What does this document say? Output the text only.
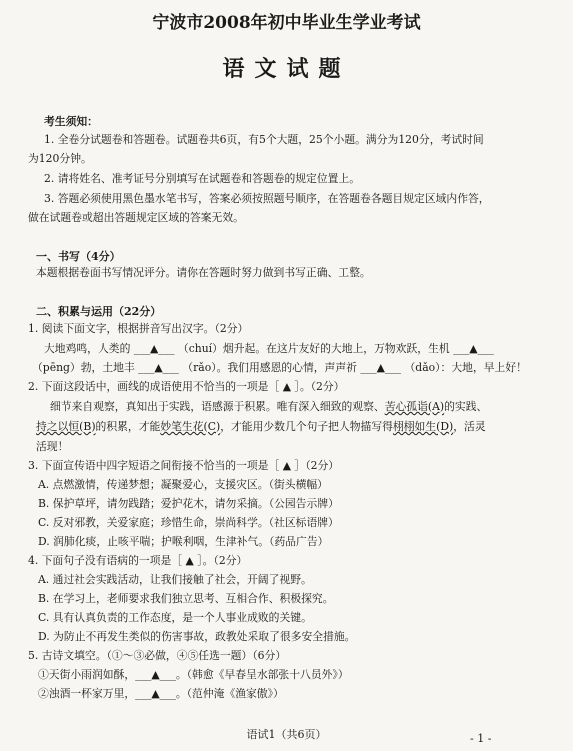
宁波市2008年初中毕业生学业考试
语文试题
考生须知：
1. 全卷分试题卷和答题卷。试题卷共6页，有5个大题，25个小题。满分为120分，考试时间
为120分钟。
2. 请将姓名、准考证号分别填写在试题卷和答题卷的规定位置上。
3. 答题必须使用黑色墨水笔书写，答案必须按照题号顺序，在答题卷各题目规定区域内作答，
做在试题卷或超出答题规定区域的答案无效。
一、书写（4分）
本题根据卷面书写情况评分。请你在答题时努力做到书写正确、工整。
二、积累与运用（22分）
1. 阅读下面文字，根据拼音写出汉字。（2分）
大地鸡鸣，人类的 ___▲___ （chuí）烟升起。在这片友好的大地上，万物欢跃，生机 ___▲___
（pēng）勃，土地丰 ___▲___ （rǎo）。我们用感恩的心情，声声祈 ___▲___ （dǎo）：大地，早上好！
2. 下面这段话中，画线的成语使用不恰当的一项是［ ▲ ］。（2分）
细节来自观察，真知出于实践，语感源于积累。唯有深入细致的观察、苦心孤诣(A)的实践、
持之以恒(B)的积累，才能妙笔生花(C)，才能用少数几个句子把人物描写得栩栩如生(D)，活灵
活现！
3. 下面宣传语中四字短语之间衔接不恰当的一项是［ ▲ ］（2分）
A. 点燃激情，传递梦想；凝聚爱心，支援灾区。（街头横幅）
B. 保护草坪，请勿践踏；爱护花木，请勿采摘。（公园告示牌）
C. 反对邪教，关爱家庭；珍惜生命，崇尚科学。（社区标语牌）
D. 润肺化痰，止咳平喘；护喉利咽，生津补气。（药品广告）
4. 下面句子没有语病的一项是［ ▲ ］。（2分）
A. 通过社会实践活动，让我们接触了社会，开阔了视野。
B. 在学习上，老师要求我们独立思考、互相合作、积极探究。
C. 具有认真负责的工作态度，是一个人事业成败的关键。
D. 为防止不再发生类似的伤害事故，政教处采取了很多安全措施。
5. 古诗文填空。（①～③必做，④⑤任选一题）（6分）
①天街小雨润如酥，___▲___。（韩愈《早春呈水部张十八员外》）
②浊酒一杯家万里，___▲___。（范仲淹《渔家傲》）
语试1（共6页）	- 1 -
